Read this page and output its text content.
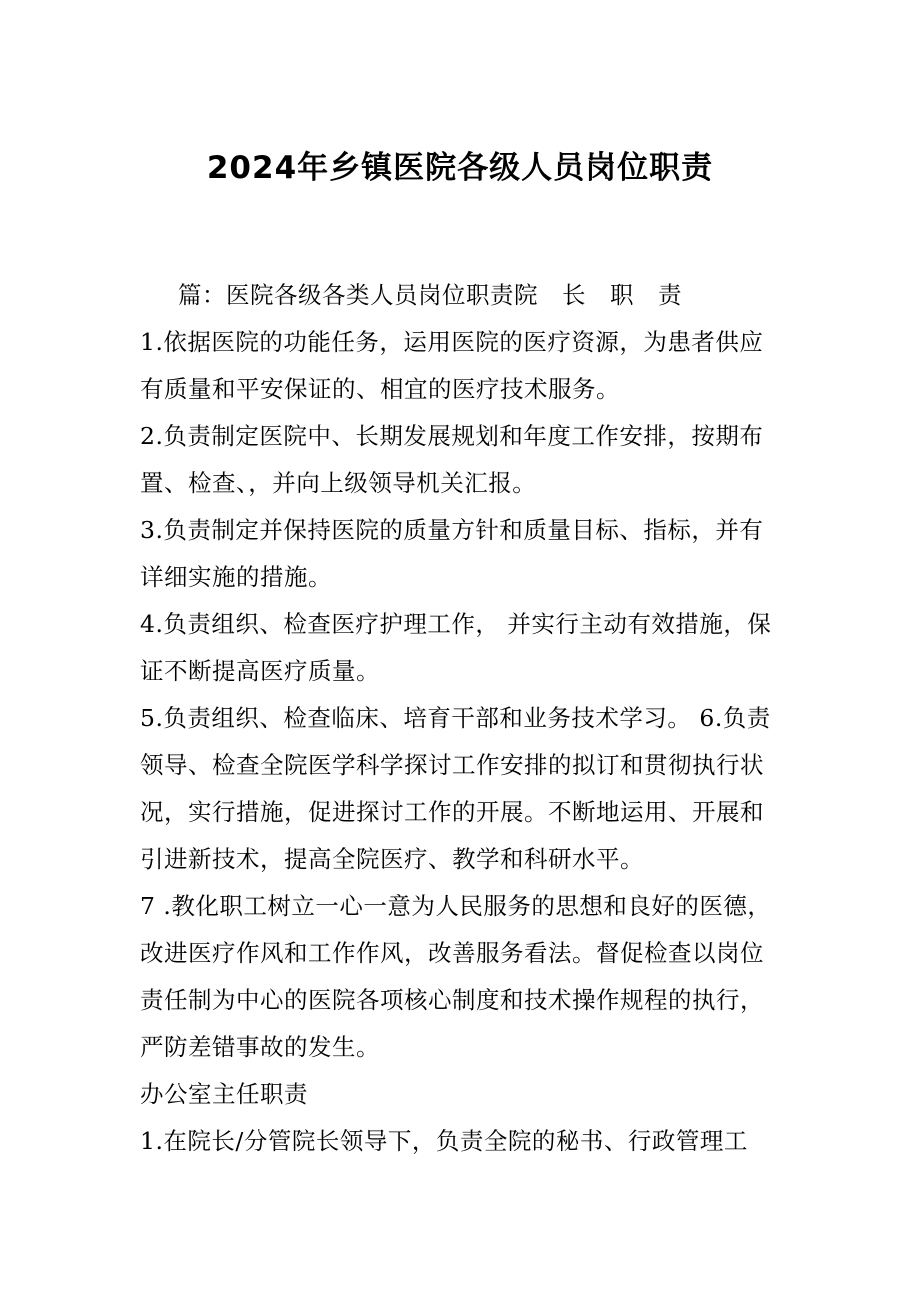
2024年乡镇医院各级人员岗位职责
篇：医院各级各类人员岗位职责院　长　职　责
1.依据医院的功能任务，运用医院的医疗资源，为患者供应
有质量和平安保证的、相宜的医疗技术服务。
2.负责制定医院中、长期发展规划和年度工作安排，按期布
置、检查、，并向上级领导机关汇报。
3.负责制定并保持医院的质量方针和质量目标、指标，并有
详细实施的措施。
4.负责组织、检查医疗护理工作， 并实行主动有效措施，保
证不断提高医疗质量。
5.负责组织、检查临床、培育干部和业务技术学习。 6.负责
领导、检查全院医学科学探讨工作安排的拟订和贯彻执行状
况，实行措施，促进探讨工作的开展。不断地运用、开展和
引进新技术，提高全院医疗、教学和科研水平。
7 .教化职工树立一心一意为人民服务的思想和良好的医德，
改进医疗作风和工作作风，改善服务看法。督促检查以岗位
责任制为中心的医院各项核心制度和技术操作规程的执行，
严防差错事故的发生。
办公室主任职责
1.在院长/分管院长领导下，负责全院的秘书、行政管理工
